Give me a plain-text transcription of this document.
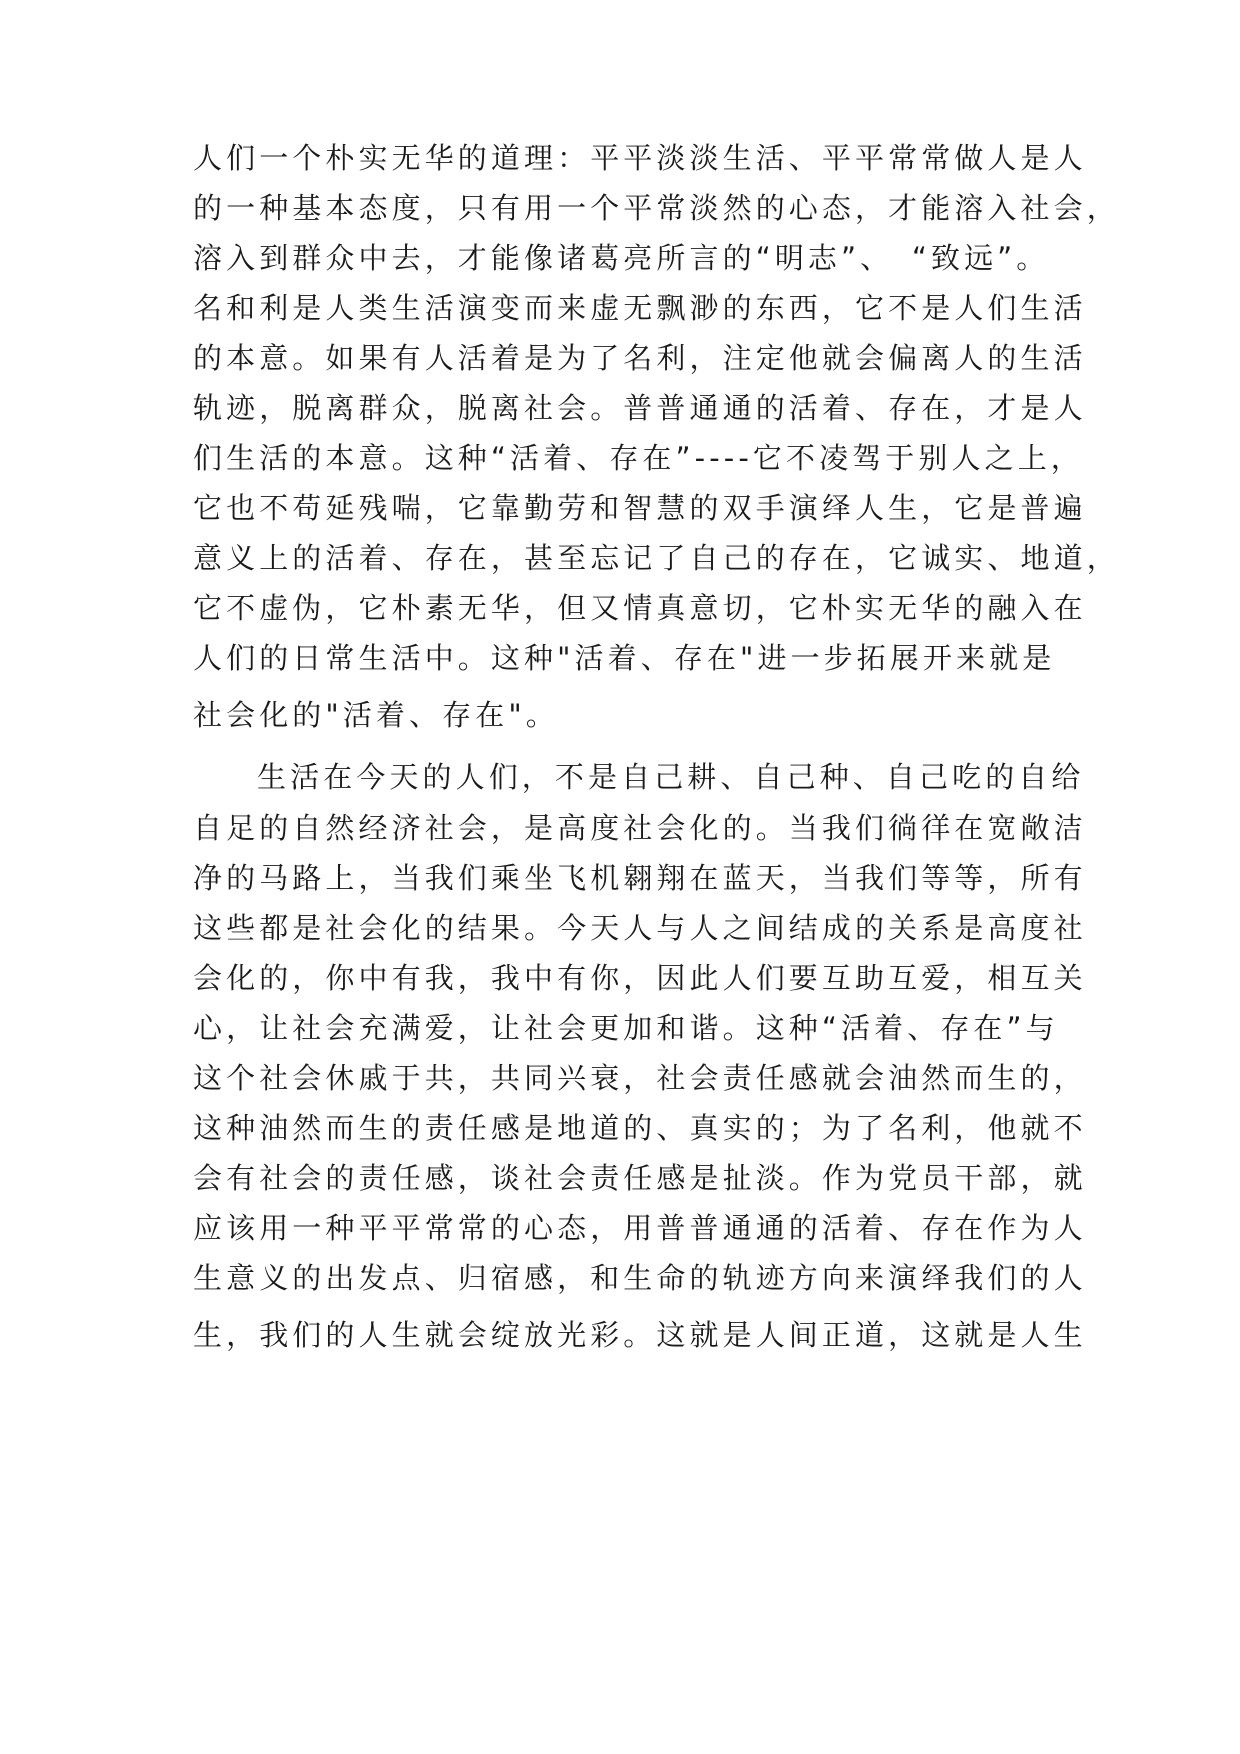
人们一个朴实无华的道理：平平淡淡生活、平平常常做人是人
的一种基本态度，只有用一个平常淡然的心态，才能溶入社会，
溶入到群众中去，才能像诸葛亮所言的“明志”、　“致远”。
名和利是人类生活演变而来虚无飘渺的东西，它不是人们生活
的本意。如果有人活着是为了名利，注定他就会偏离人的生活
轨迹，脱离群众，脱离社会。普普通通的活着、存在，才是人
们生活的本意。这种“活着、存在”----它不凌驾于别人之上，
它也不苟延残喘，它靠勤劳和智慧的双手演绎人生，它是普遍
意义上的活着、存在，甚至忘记了自己的存在，它诚实、地道，
它不虚伪，它朴素无华，但又情真意切，它朴实无华的融入在
人们的日常生活中。这种"活着、存在"进一步拓展开来就是
社会化的"活着、存在"。
生活在今天的人们，不是自己耕、自己种、自己吃的自给
自足的自然经济社会，是高度社会化的。当我们徜徉在宽敞洁
净的马路上，当我们乘坐飞机翱翔在蓝天，当我们等等，所有
这些都是社会化的结果。今天人与人之间结成的关系是高度社
会化的，你中有我，我中有你，因此人们要互助互爱，相互关
心，让社会充满爱，让社会更加和谐。这种“活着、存在”与
这个社会休戚于共，共同兴衰，社会责任感就会油然而生的，
这种油然而生的责任感是地道的、真实的；为了名利，他就不
会有社会的责任感，谈社会责任感是扯淡。作为党员干部，就
应该用一种平平常常的心态，用普普通通的活着、存在作为人
生意义的出发点、归宿感，和生命的轨迹方向来演绎我们的人
生，我们的人生就会绽放光彩。这就是人间正道，这就是人生
